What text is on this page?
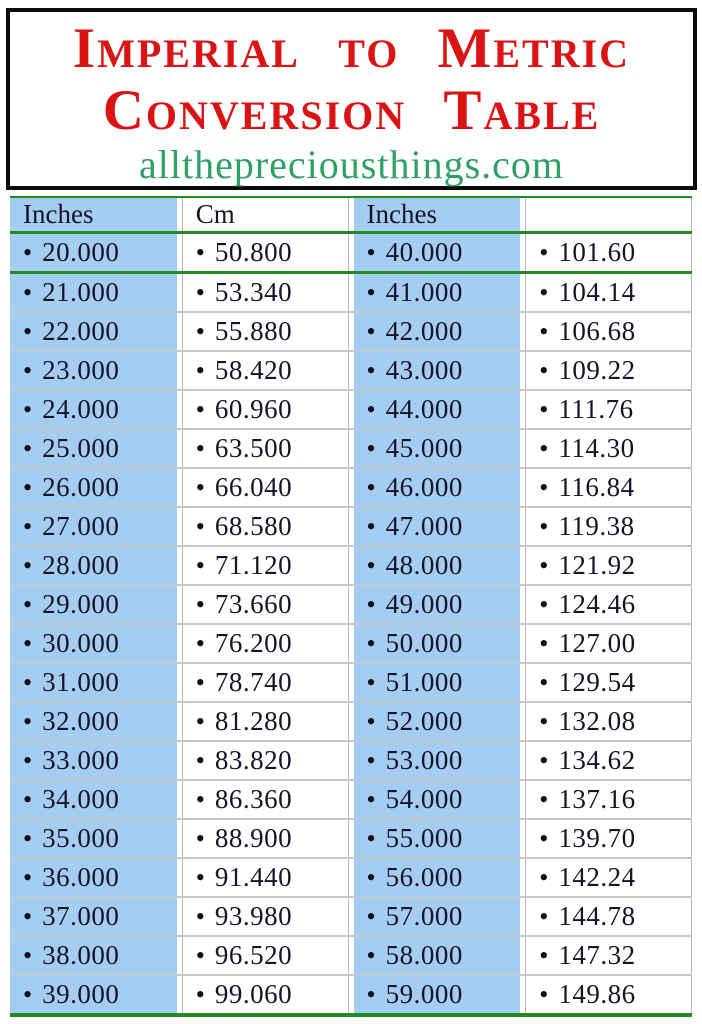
Imperial to Metric
Conversion Table
allthepreciousthings.com
Inches	Cm	Inches
• 20.000	• 50.800	• 40.000	• 101.60
• 21.000	• 53.340	• 41.000	• 104.14
• 22.000	• 55.880	• 42.000	• 106.68
• 23.000	• 58.420	• 43.000	• 109.22
• 24.000	• 60.960	• 44.000	• 111.76
• 25.000	• 63.500	• 45.000	• 114.30
• 26.000	• 66.040	• 46.000	• 116.84
• 27.000	• 68.580	• 47.000	• 119.38
• 28.000	• 71.120	• 48.000	• 121.92
• 29.000	• 73.660	• 49.000	• 124.46
• 30.000	• 76.200	• 50.000	• 127.00
• 31.000	• 78.740	• 51.000	• 129.54
• 32.000	• 81.280	• 52.000	• 132.08
• 33.000	• 83.820	• 53.000	• 134.62
• 34.000	• 86.360	• 54.000	• 137.16
• 35.000	• 88.900	• 55.000	• 139.70
• 36.000	• 91.440	• 56.000	• 142.24
• 37.000	• 93.980	• 57.000	• 144.78
• 38.000	• 96.520	• 58.000	• 147.32
• 39.000	• 99.060	• 59.000	• 149.86
